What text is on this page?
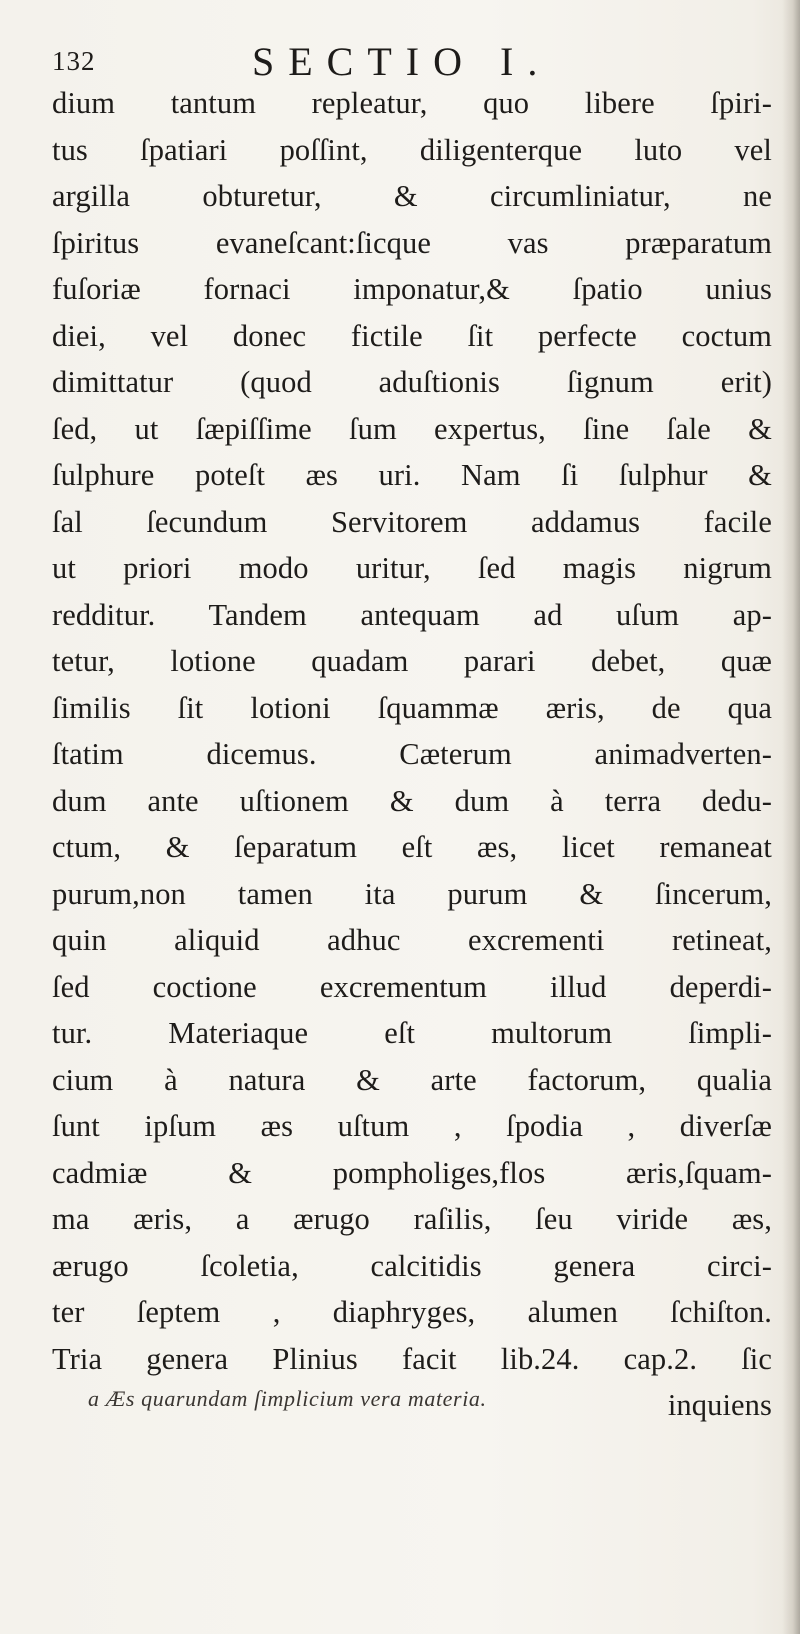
132	SECTIO I.
dium tantum repleatur, quo libere ſpiri-
tus ſpatiari poſſint, diligenterque luto vel
argilla obturetur, & circumliniatur, ne
ſpiritus evaneſcant:ſicque vas præparatum
fuſoriæ fornaci imponatur,& ſpatio unius
diei, vel donec fictile ſit perfecte coctum
dimittatur (quod aduſtionis ſignum erit)
ſed, ut ſæpiſſime ſum expertus, ſine ſale &
ſulphure poteſt æs uri. Nam ſi ſulphur &
ſal ſecundum Servitorem addamus facile
ut priori modo uritur, ſed magis nigrum
redditur. Tandem antequam ad uſum ap-
tetur, lotione quadam parari debet, quæ
ſimilis ſit lotioni ſquammæ æris, de qua
ſtatim dicemus. Cæterum animadverten-
dum ante uſtionem & dum à terra dedu-
ctum, & ſeparatum eſt æs, licet remaneat
purum,non tamen ita purum & ſincerum,
quin aliquid adhuc excrementi retineat,
ſed coctione excrementum illud deperdi-
tur. Materiaque eſt multorum ſimpli-
cium à natura & arte factorum, qualia
ſunt ipſum æs uſtum , ſpodia , diverſæ
cadmiæ & pompholiges,flos æris,ſquam-
ma æris, a ærugo raſilis, ſeu viride æs,
ærugo ſcoletia, calcitidis genera circi-
ter ſeptem , diaphryges, alumen ſchiſton.
Tria genera Plinius facit lib.24. cap.2. ſic
inquiens
a Æs quarundam ſimplicium vera materia.
